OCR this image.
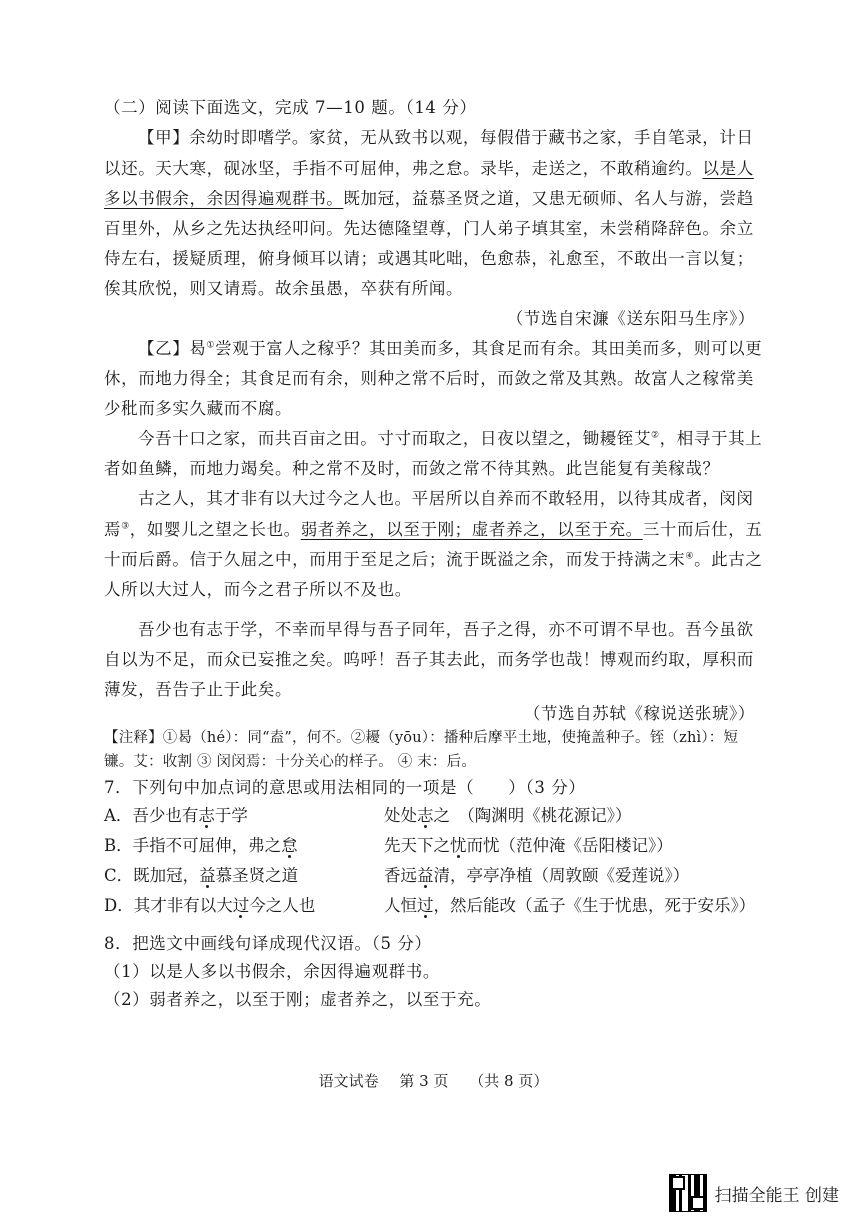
（二）阅读下面选文，完成 7—10 题。（14 分）
【甲】余幼时即嗜学。家贫，无从致书以观，每假借于藏书之家，手自笔录，计日
以还。天大寒，砚冰坚，手指不可屈伸，弗之怠。录毕，走送之，不敢稍逾约。以是人
多以书假余，余因得遍观群书。既加冠，益慕圣贤之道，又患无硕师、名人与游，尝趋
百里外，从乡之先达执经叩问。先达德隆望尊，门人弟子填其室，未尝稍降辞色。余立
侍左右，援疑质理，俯身倾耳以请；或遇其叱咄，色愈恭，礼愈至，不敢出一言以复；
俟其欣悦，则又请焉。故余虽愚，卒获有所闻。
（节选自宋濂《送东阳马生序》）
【乙】曷①尝观于富人之稼乎？其田美而多，其食足而有余。其田美而多，则可以更
休，而地力得全；其食足而有余，则种之常不后时，而敛之常及其熟。故富人之稼常美
少秕而多实久藏而不腐。
今吾十口之家，而共百亩之田。寸寸而取之，日夜以望之，锄耰铚艾②，相寻于其上
者如鱼鳞，而地力竭矣。种之常不及时，而敛之常不待其熟。此岂能复有美稼哉？
古之人，其才非有以大过今之人也。平居所以自养而不敢轻用，以待其成者，闵闵
焉③，如婴儿之望之长也。弱者养之，以至于刚；虚者养之，以至于充。三十而后仕，五
十而后爵。信于久屈之中，而用于至足之后；流于既溢之余，而发于持满之末④。此古之
人所以大过人，而今之君子所以不及也。
吾少也有志于学，不幸而早得与吾子同年，吾子之得，亦不可谓不早也。吾今虽欲
自以为不足，而众已妄推之矣。呜呼！吾子其去此，而务学也哉！博观而约取，厚积而
薄发，吾告子止于此矣。
（节选自苏轼《稼说送张琥》）
【注释】①曷（hé）：同“盍”，何不。②耰（yōu）：播种后摩平土地，使掩盖种子。铚（zhì）：短
镰。艾：收割 ③ 闵闵焉：十分关心的样子。 ④ 末：后。
7．下列句中加点词的意思或用法相同的一项是（　　）（3 分）
A．吾少也有志于学	处处志之　（陶渊明《桃花源记》）
B．手指不可屈伸，弗之怠	先天下之忧而忧（范仲淹《岳阳楼记》）
C．既加冠，益慕圣贤之道	香远益清，亭亭净植（周敦颐《爱莲说》）
D．其才非有以大过今之人也	人恒过，然后能改（孟子《生于忧患，死于安乐》）
8．把选文中画线句译成现代汉语。（5 分）
（1）以是人多以书假余，余因得遍观群书。
（2）弱者养之，以至于刚；虚者养之，以至于充。
语文试卷 第 3 页 （共 8 页）
扫描全能王 创建
